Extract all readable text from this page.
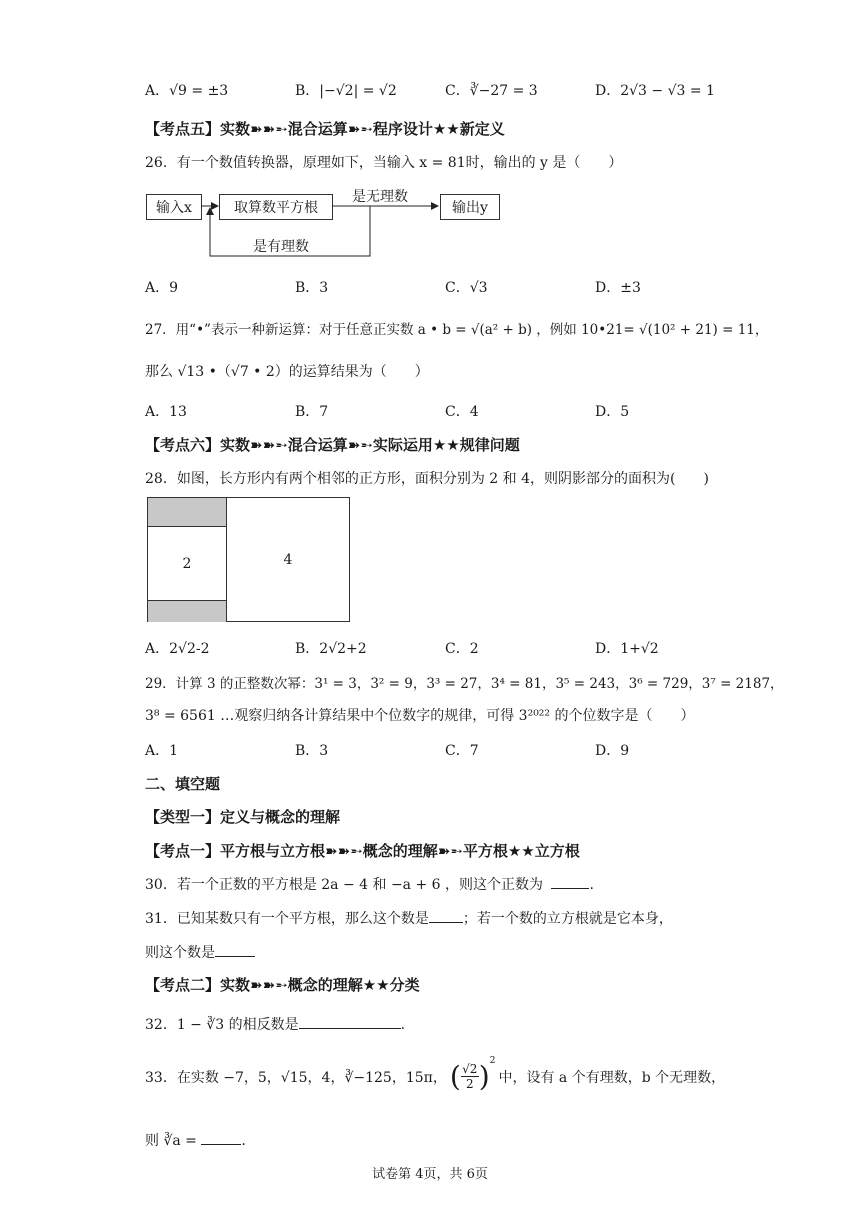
A．√9 = ±3	B．|−√2| = √2	C．∛−27 = 3	D．2√3 − √3 = 1
【考点五】实数➽➽➵混合运算➽➵程序设计★★新定义
26．有一个数值转换器，原理如下，当输入 x = 81时，输出的 y 是（　　）
输入x	取算数平方根	输出y
是无理数
是有理数
A．9	B．3	C．√3	D．±3
27．用“•”表示一种新运算：对于任意正实数 a • b = √(a² + b) ，例如 10•21= √(10² + 21) = 11，
那么 √13 •（√7 • 2）的运算结果为（　　）
A．13	B．7	C．4	D．5
【考点六】实数➽➽➵混合运算➽➵实际运用★★规律问题
28．如图，长方形内有两个相邻的正方形，面积分别为 2 和 4，则阴影部分的面积为(　　)
2	4
A．2√2-2	B．2√2+2	C．2	D．1+√2
29．计算 3 的正整数次幂：3¹ = 3，3² = 9，3³ = 27，3⁴ = 81，3⁵ = 243，3⁶ = 729，3⁷ = 2187，
3⁸ = 6561 …观察归纳各计算结果中个位数字的规律，可得 3²⁰²² 的个位数字是（　　）
A．1	B．3	C．7	D．9
二、填空题
【类型一】定义与概念的理解
【考点一】平方根与立方根➽➽➵概念的理解➽➵平方根★★立方根
30．若一个正数的平方根是 2a − 4 和 −a + 6 ，则这个正数为	.
31．已知某数只有一个平方根，那么这个数是 ；若一个数的立方根就是它本身，
则这个数是
【考点二】实数➽➽➵概念的理解★★分类
32．1 − ∛3 的相反数是	.
33．在实数 −7，5，√15，4，∛−125，15π， ( √2
2 )$^2$
中，设有 a 个有理数，b 个无理数，
则 ∛a =	.
试卷第 4页，共 6页
